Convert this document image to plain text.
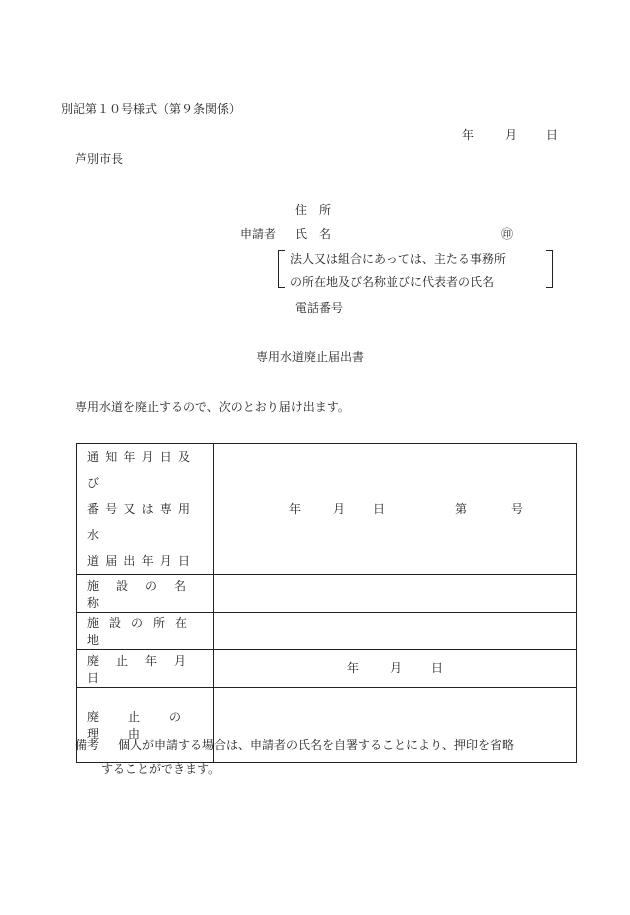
別記第１０号様式（第９条関係）
年	月 日
芦別市長
住　所
申請者 氏　名	㊞
法人又は組合にあっては、主たる事務所
の所在地及び名称並びに代表者の氏名
電話番号
専用水道廃止届出書
専用水道を廃止するので、次のとおり届け出ます。
通知年月日及び
番号又は専用水
道届出年月日	年 月 日 第 号

施設の名称	

施設の所在地	

廃止年月日	年 月 日

廃止の理由	

備考 個人が申請する場合は、申請者の氏名を自署することにより、押印を省略
することができます。
